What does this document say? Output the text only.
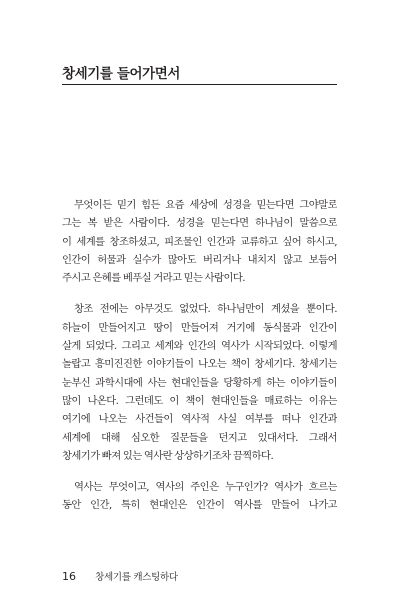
창세기를 들어가면서
무엇이든 믿기 힘든 요즘 세상에 성경을 믿는다면 그야말로
그는 복 받은 사람이다. 성경을 믿는다면 하나님이 말씀으로
이 세계를 창조하셨고, 피조물인 인간과 교류하고 싶어 하시고,
인간이 허물과 실수가 많아도 버리거나 내치지 않고 보듬어
주시고 은혜를 베푸실 거라고 믿는 사람이다.
창조 전에는 아무것도 없었다. 하나님만이 계셨을 뿐이다.
하늘이 만들어지고 땅이 만들어져 거기에 동식물과 인간이
살게 되었다. 그리고 세계와 인간의 역사가 시작되었다. 이렇게
놀랍고 흥미진진한 이야기들이 나오는 책이 창세기다. 창세기는
눈부신 과학시대에 사는 현대인들을 당황하게 하는 이야기들이
많이 나온다. 그런데도 이 책이 현대인들을 매료하는 이유는
여기에 나오는 사건들이 역사적 사실 여부를 떠나 인간과
세계에 대해 심오한 질문들을 던지고 있대서다. 그래서
창세기가 빠져 있는 역사란 상상하기조차 끔찍하다.
역사는 무엇이고, 역사의 주인은 누구인가? 역사가 흐르는
동안 인간, 특히 현대인은 인간이 역사를 만들어 나가고
16 창세기를 캐스팅하다
